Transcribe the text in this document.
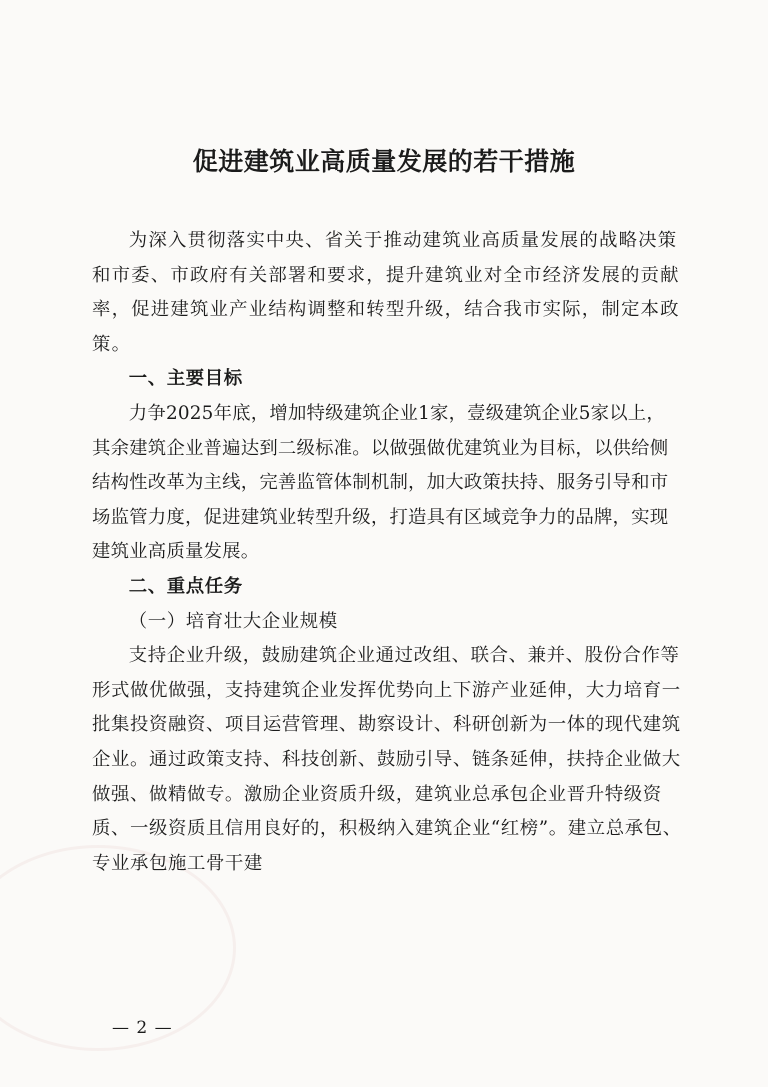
促进建筑业高质量发展的若干措施

为深入贯彻落实中央、省关于推动建筑业高质量发展的战略决策和市委、市政府有关部署和要求，提升建筑业对全市经济发展的贡献率，促进建筑业产业结构调整和转型升级，结合我市实际，制定本政策。

一、主要目标

力争2025年底，增加特级建筑企业1家，壹级建筑企业5家以上，其余建筑企业普遍达到二级标准。以做强做优建筑业为目标，以供给侧结构性改革为主线，完善监管体制机制，加大政策扶持、服务引导和市场监管力度，促进建筑业转型升级，打造具有区域竞争力的品牌，实现建筑业高质量发展。

二、重点任务

（一）培育壮大企业规模

支持企业升级，鼓励建筑企业通过改组、联合、兼并、股份合作等形式做优做强，支持建筑企业发挥优势向上下游产业延伸，大力培育一批集投资融资、项目运营管理、勘察设计、科研创新为一体的现代建筑企业。通过政策支持、科技创新、鼓励引导、链条延伸，扶持企业做大做强、做精做专。激励企业资质升级，建筑业总承包企业晋升特级资质、一级资质且信用良好的，积极纳入建筑企业“红榜”。建立总承包、专业承包施工骨干建

— 2 —
